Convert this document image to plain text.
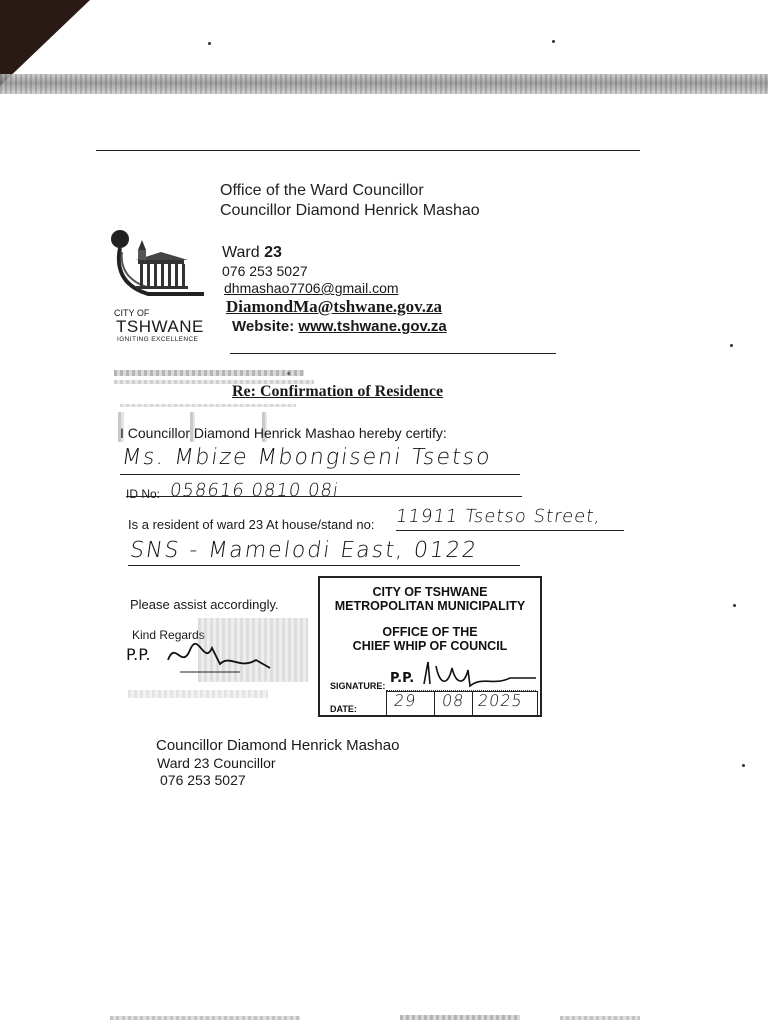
Office of the Ward Councillor
Councillor Diamond Henrick Mashao
Ward 23
076 253 5027
dhmashao7706@gmail.com
DiamondMa@tshwane.gov.za
Website: www.tshwane.gov.za
CITY OF
TSHWANE
IGNITING EXCELLENCE
Re: Confirmation of Residence
I Councillor Diamond Henrick Mashao hereby certify:
Ms. Mbize Mbongiseni Tsetso
ID No: 058616 0810 08i
Is a resident of ward 23 At house/stand no: 11911 Tsetso Street,
SNS - Mamelodi East, 0122
Please assist accordingly.
Kind Regards
P.P.
CITY OF TSHWANE
METROPOLITAN MUNICIPALITY
OFFICE OF THE
CHIEF WHIP OF COUNCIL
SIGNATURE: P.P.
DATE: 29 08 2025
Councillor Diamond Henrick Mashao
Ward 23 Councillor
076 253 5027
